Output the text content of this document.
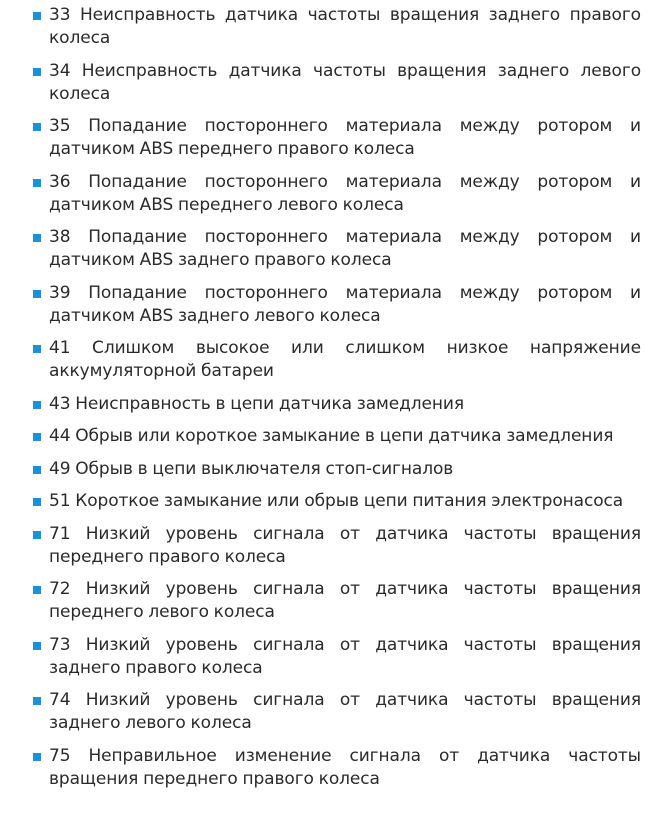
33 Неисправность датчика частоты вращения заднего правого колеса
34 Неисправность датчика частоты вращения заднего левого колеса
35 Попадание постороннего материала между ротором и датчиком ABS переднего правого колеса
36 Попадание постороннего материала между ротором и датчиком ABS переднего левого колеса
38 Попадание постороннего материала между ротором и датчиком ABS заднего правого колеса
39 Попадание постороннего материала между ротором и датчиком ABS заднего левого колеса
41 Слишком высокое или слишком низкое напряжение аккумуляторной батареи
43 Неисправность в цепи датчика замедления
44 Обрыв или короткое замыкание в цепи датчика замедления
49 Обрыв в цепи выключателя стоп-сигналов
51 Короткое замыкание или обрыв цепи питания электронасоса
71 Низкий уровень сигнала от датчика частоты вращения переднего правого колеса
72 Низкий уровень сигнала от датчика частоты вращения переднего левого колеса
73 Низкий уровень сигнала от датчика частоты вращения заднего правого колеса
74 Низкий уровень сигнала от датчика частоты вращения заднего левого колеса
75 Неправильное изменение сигнала от датчика частоты вращения переднего правого колеса
